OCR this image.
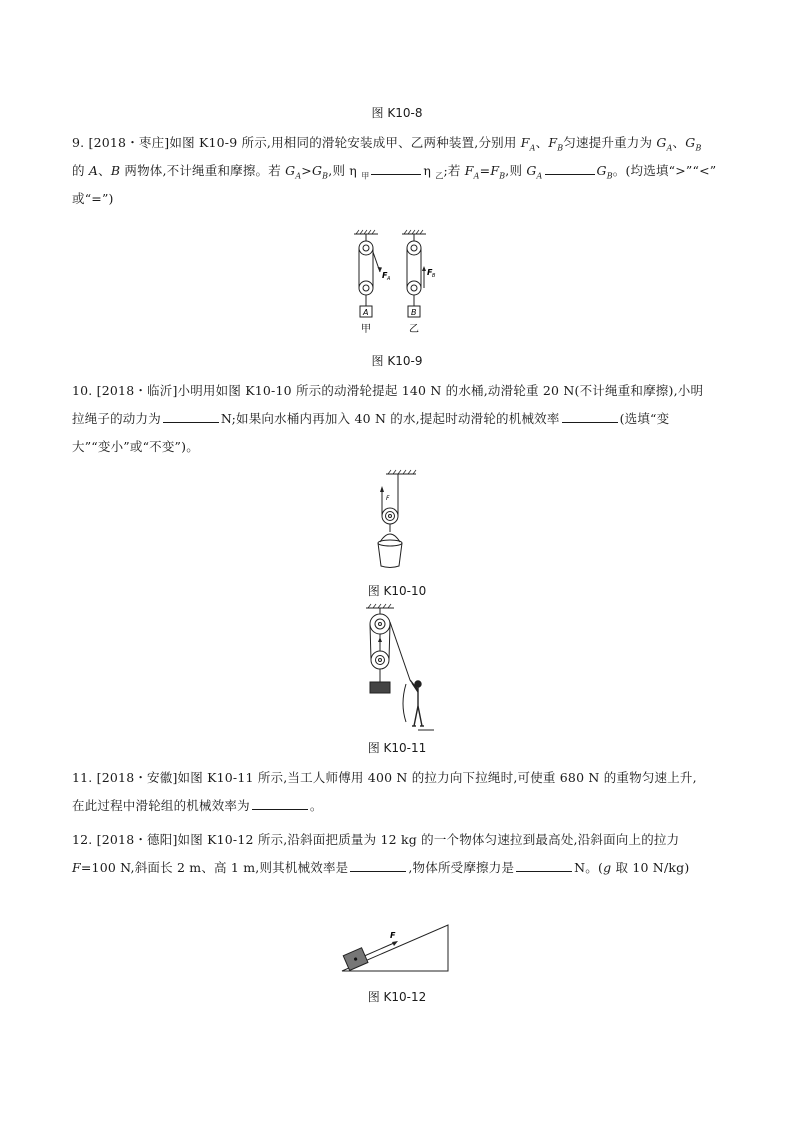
图 K10-8
9. [2018・枣庄]如图 K10-9 所示,用相同的滑轮安装成甲、乙两种装置,分别用 $F_A$、$F_B$匀速提升重力为 $G_A$、$G_B$
的 A、B 两物体,不计绳重和摩擦。若 $G_A>G_B$,则 η $_甲$	η $_乙$;若 $F_A=F_B$,则 $G_A$	$G_B$。(均选填“>”“<”
或“=”)
F A
F B
A	B
甲	乙
图 K10-9
10. [2018・临沂]小明用如图 K10-10 所示的动滑轮提起 140 N 的水桶,动滑轮重 20 N(不计绳重和摩擦),小明
拉绳子的动力为	N;如果向水桶内再加入 40 N 的水,提起时动滑轮的机械效率	(选填“变
大”“变小”或“不变”)。
F
图 K10-10
图 K10-11
11. [2018・安徽]如图 K10-11 所示,当工人师傅用 400 N 的拉力向下拉绳时,可使重 680 N 的重物匀速上升,
在此过程中滑轮组的机械效率为	。
12. [2018・德阳]如图 K10-12 所示,沿斜面把质量为 12 kg 的一个物体匀速拉到最高处,沿斜面向上的拉力
F=100 N,斜面长 2 m、高 1 m,则其机械效率是	,物体所受摩擦力是	N。(g 取 10 N/kg)
F
图 K10-12
